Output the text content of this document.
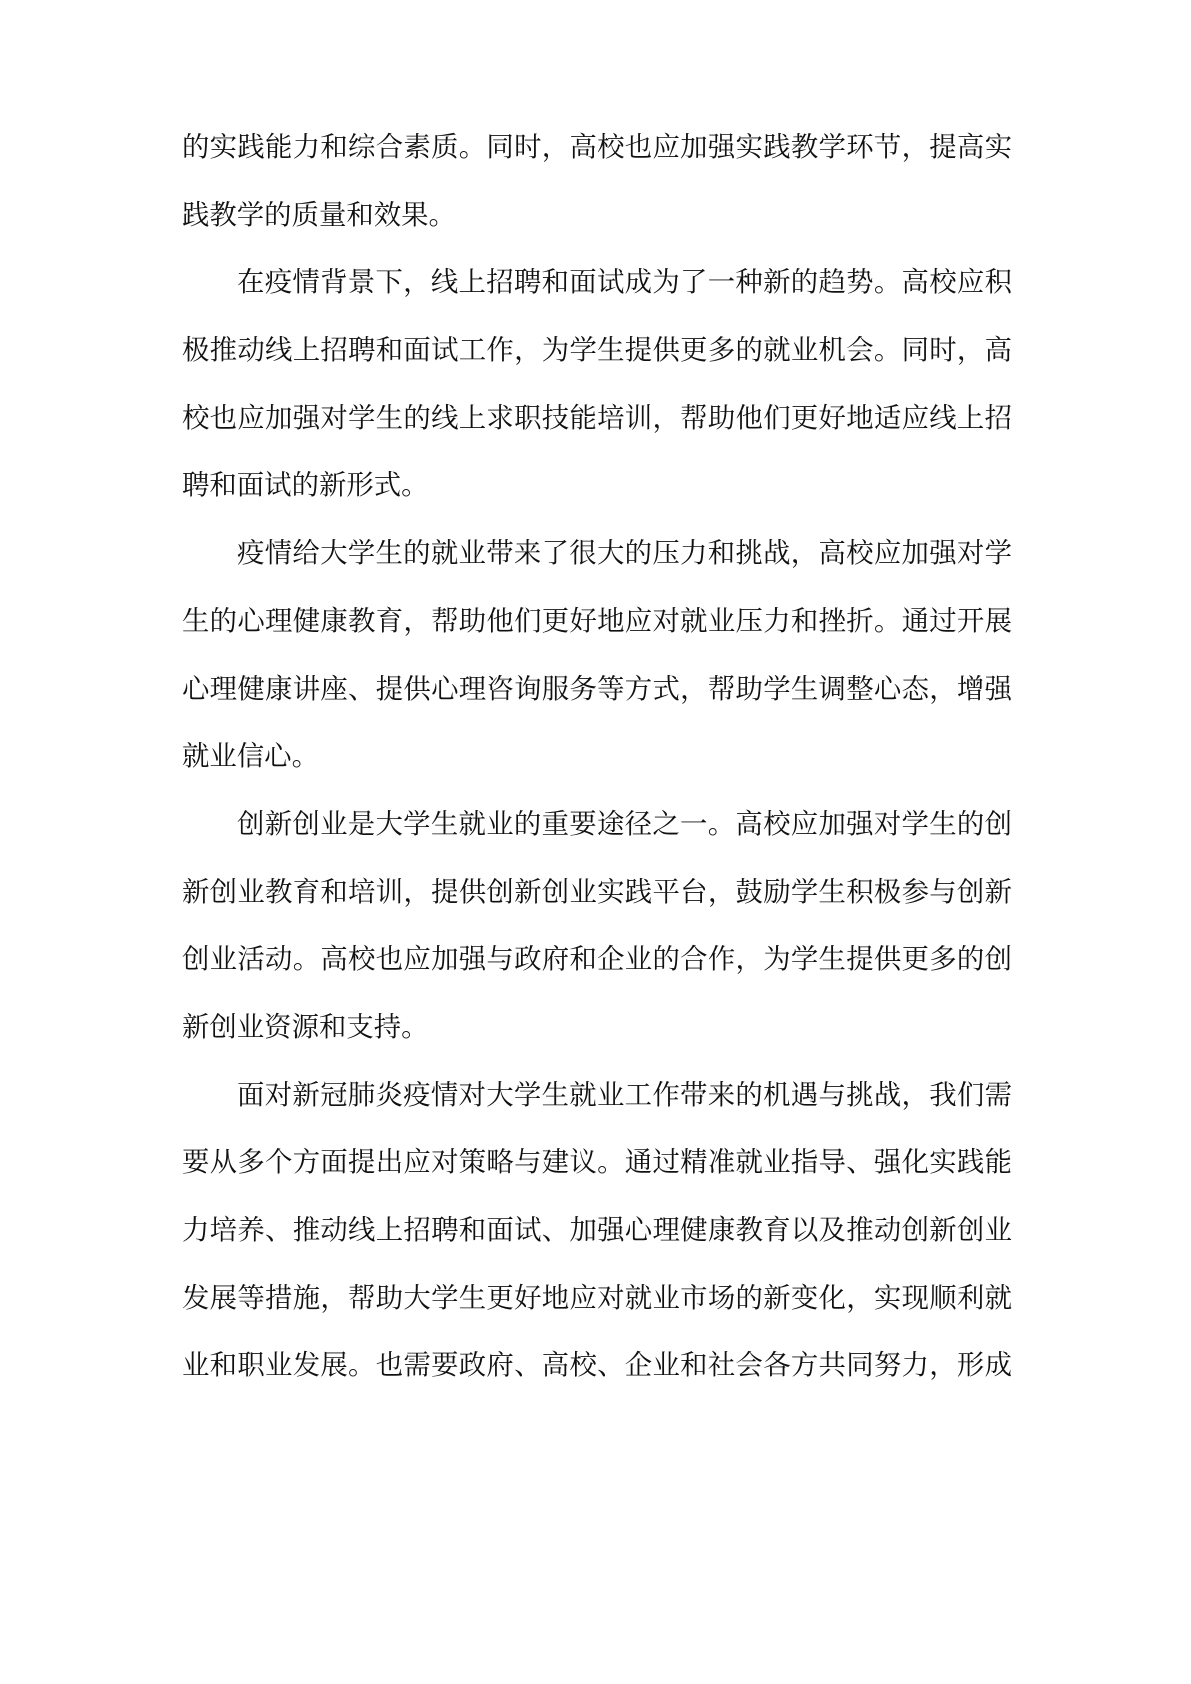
的实践能力和综合素质。同时，高校也应加强实践教学环节，提高实
践教学的质量和效果。
在疫情背景下，线上招聘和面试成为了一种新的趋势。高校应积
极推动线上招聘和面试工作，为学生提供更多的就业机会。同时，高
校也应加强对学生的线上求职技能培训，帮助他们更好地适应线上招
聘和面试的新形式。
疫情给大学生的就业带来了很大的压力和挑战，高校应加强对学
生的心理健康教育，帮助他们更好地应对就业压力和挫折。通过开展
心理健康讲座、提供心理咨询服务等方式，帮助学生调整心态，增强
就业信心。
创新创业是大学生就业的重要途径之一。高校应加强对学生的创
新创业教育和培训，提供创新创业实践平台，鼓励学生积极参与创新
创业活动。高校也应加强与政府和企业的合作，为学生提供更多的创
新创业资源和支持。
面对新冠肺炎疫情对大学生就业工作带来的机遇与挑战，我们需
要从多个方面提出应对策略与建议。通过精准就业指导、强化实践能
力培养、推动线上招聘和面试、加强心理健康教育以及推动创新创业
发展等措施，帮助大学生更好地应对就业市场的新变化，实现顺利就
业和职业发展。也需要政府、高校、企业和社会各方共同努力，形成
